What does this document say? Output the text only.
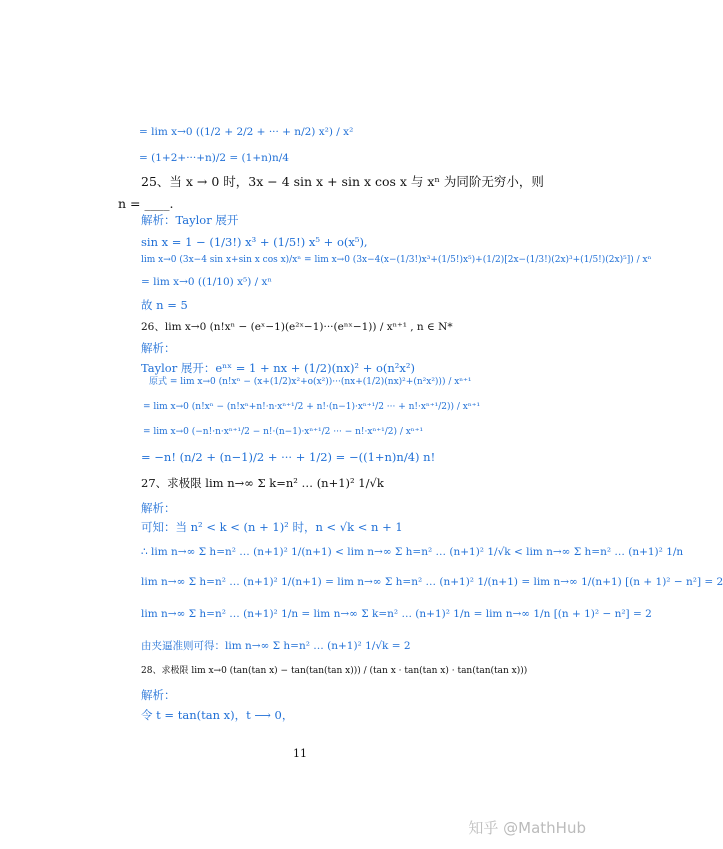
= lim x→0 ((1/2 + 2/2 + ··· + n/2) x²) / x²
= (1+2+···+n)/2 = (1+n)n/4
25、当 x → 0 时，3x − 4 sin x + sin x cos x 与 xⁿ 为同阶无穷小，则
n = ____.
解析：Taylor 展开
sin x = 1 − (1/3!) x³ + (1/5!) x⁵ + o(x⁵),
lim x→0 (3x−4 sin x+sin x cos x)/xⁿ = lim x→0 (3x−4(x−(1/3!)x³+(1/5!)x⁵)+(1/2)[2x−(1/3!)(2x)³+(1/5!)(2x)⁵]) / xⁿ
= lim x→0 ((1/10) x⁵) / xⁿ
故 n = 5
26、lim x→0 (n!xⁿ − (eˣ−1)(e²ˣ−1)···(eⁿˣ−1)) / xⁿ⁺¹ , n ∈ N*
解析：
Taylor 展开：eⁿˣ = 1 + nx + (1/2)(nx)² + o(n²x²)
原式 = lim x→0 (n!xⁿ − (x+(1/2)x²+o(x²))···(nx+(1/2)(nx)²+(n²x²))) / xⁿ⁺¹
= lim x→0 (n!xⁿ − (n!xⁿ+n!·n·xⁿ⁺¹/2 + n!·(n−1)·xⁿ⁺¹/2 ··· + n!·xⁿ⁺¹/2)) / xⁿ⁺¹
= lim x→0 (−n!·n·xⁿ⁺¹/2 − n!·(n−1)·xⁿ⁺¹/2 ··· − n!·xⁿ⁺¹/2) / xⁿ⁺¹
= −n! (n/2 + (n−1)/2 + ··· + 1/2) = −((1+n)n/4) n!
27、求极限 lim n→∞ Σ k=n² … (n+1)² 1/√k
解析：
可知：当 n² < k < (n + 1)² 时，n < √k < n + 1
∴ lim n→∞ Σ h=n² … (n+1)² 1/(n+1) < lim n→∞ Σ h=n² … (n+1)² 1/√k < lim n→∞ Σ h=n² … (n+1)² 1/n
lim n→∞ Σ h=n² … (n+1)² 1/(n+1) = lim n→∞ Σ h=n² … (n+1)² 1/(n+1) = lim n→∞ 1/(n+1) [(n + 1)² − n²] = 2
lim n→∞ Σ h=n² … (n+1)² 1/n = lim n→∞ Σ k=n² … (n+1)² 1/n = lim n→∞ 1/n [(n + 1)² − n²] = 2
由夹逼准则可得：lim n→∞ Σ h=n² … (n+1)² 1/√k = 2
28、求极限 lim x→0 (tan(tan x) − tan(tan(tan x))) / (tan x · tan(tan x) · tan(tan(tan x)))
解析：
令 t = tan(tan x)，t ⟶ 0，
11
知乎 @MathHub
